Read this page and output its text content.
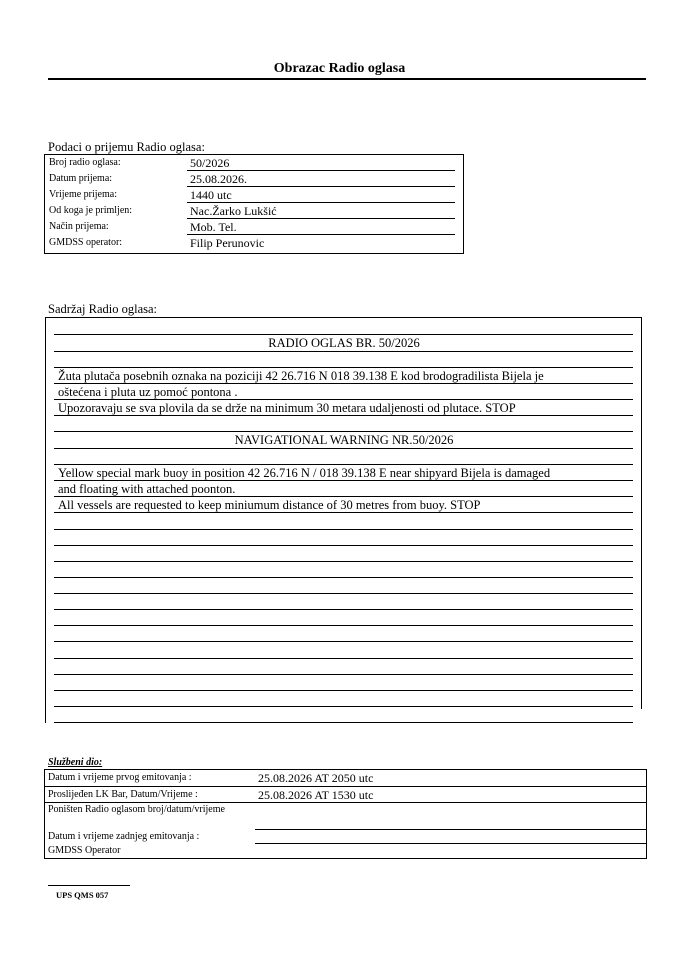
Obrazac Radio oglasa
Podaci o prijemu Radio oglasa:
Broj radio oglasa:	50/2026
Datum prijema:	25.08.2026.
Vrijeme prijema:	1440 utc
Od koga je primljen:	Nac.Žarko Lukšić
Način prijema:	Mob. Tel.
GMDSS operator:	Filip Perunovic
Sadržaj Radio oglasa:
RADIO OGLAS BR. 50/2026
Žuta plutača posebnih oznaka na poziciji 42 26.716 N 018 39.138 E kod brodogradilista Bijela je
oštećena i pluta uz pomoć pontona .
Upozoravaju se sva plovila da se drže na minimum 30 metara udaljenosti od plutace. STOP
NAVIGATIONAL WARNING NR.50/2026
Yellow special mark buoy in position 42 26.716 N / 018 39.138 E near shipyard Bijela is damaged
and floating with attached poonton.
All vessels are requested to keep miniumum distance of 30 metres from buoy. STOP
Službeni dio:
Datum i vrijeme prvog emitovanja :	25.08.2026 AT 2050 utc
Proslijeđen LK Bar, Datum/Vrijeme :	25.08.2026 AT 1530 utc
Poništen Radio oglasom broj/datum/vrijeme
Datum i vrijeme zadnjeg emitovanja :
GMDSS Operator
UPS QMS 057
